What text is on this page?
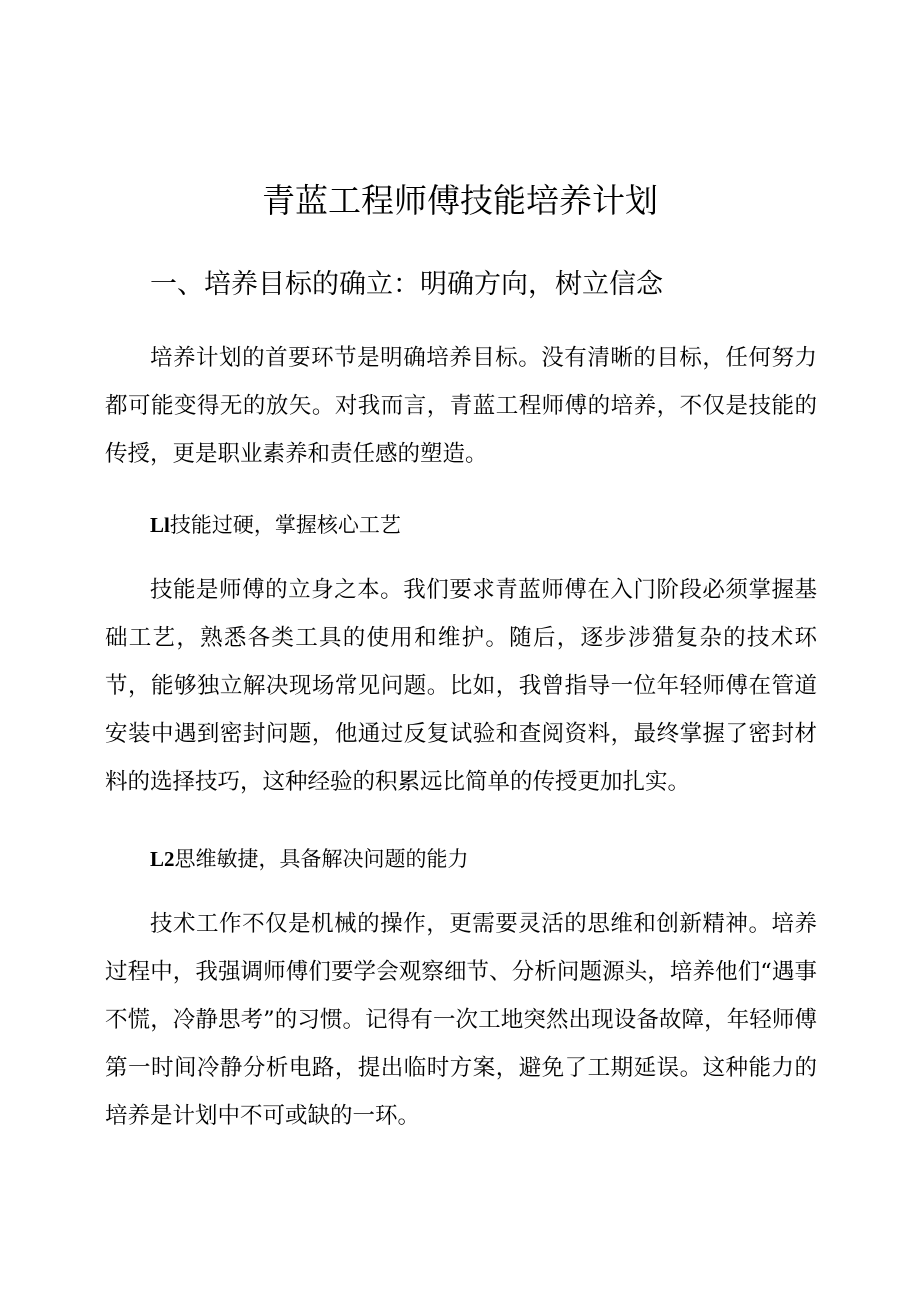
青蓝工程师傅技能培养计划
一、培养目标的确立：明确方向，树立信念

培养计划的首要环节是明确培养目标。没有清晰的目标，任何努力都可能变得无的放矢。对我而言，青蓝工程师傅的培养，不仅是技能的传授，更是职业素养和责任感的塑造。

Ll技能过硬，掌握核心工艺

技能是师傅的立身之本。我们要求青蓝师傅在入门阶段必须掌握基础工艺，熟悉各类工具的使用和维护。随后，逐步涉猎复杂的技术环节，能够独立解决现场常见问题。比如，我曾指导一位年轻师傅在管道安装中遇到密封问题，他通过反复试验和查阅资料，最终掌握了密封材料的选择技巧，这种经验的积累远比简单的传授更加扎实。

L2思维敏捷，具备解决问题的能力

技术工作不仅是机械的操作，更需要灵活的思维和创新精神。培养过程中，我强调师傅们要学会观察细节、分析问题源头，培养他们“遇事不慌，冷静思考”的习惯。记得有一次工地突然出现设备故障，年轻师傅第一时间冷静分析电路，提出临时方案，避免了工期延误。这种能力的培养是计划中不可或缺的一环。
